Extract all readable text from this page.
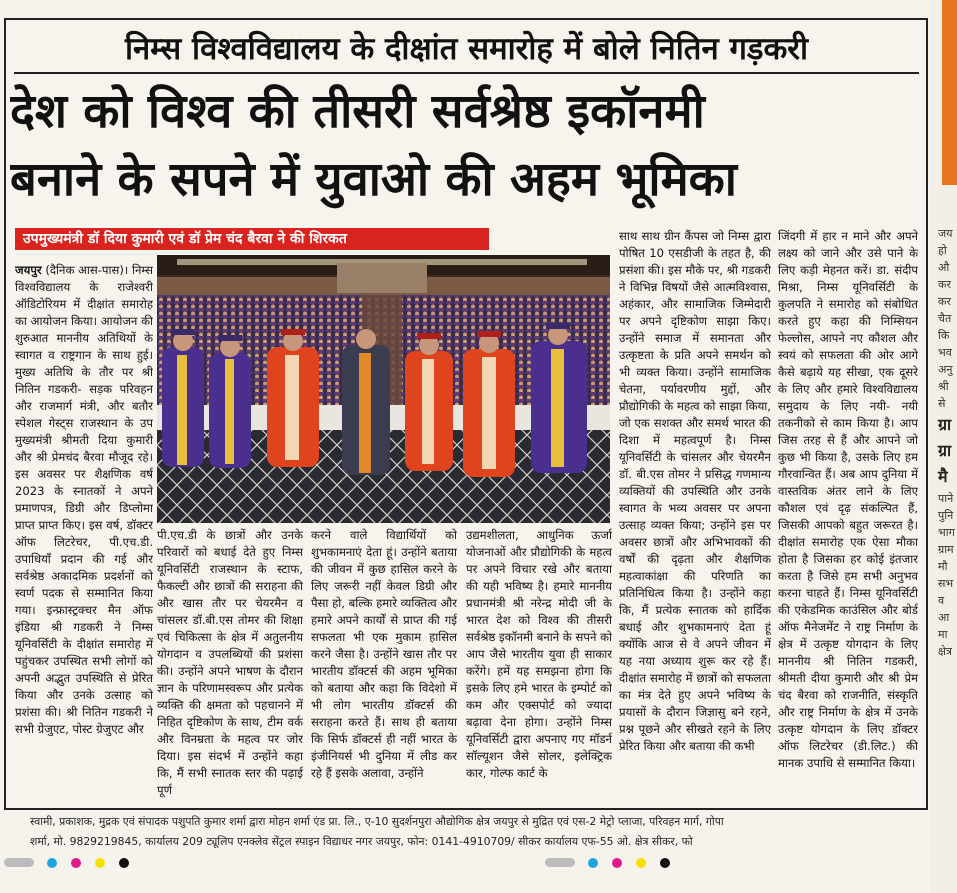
निम्स विश्वविद्यालय के दीक्षांत समारोह में बोले नितिन गड़करी
देश को विश्व की तीसरी सर्वश्रेष्ठ इकॉनमी
बनाने के सपने में युवाओ की अहम भूमिका
उपमुख्यमंत्री डॉ दिया कुमारी एवं डॉ प्रेम चंद बैरवा ने की शिरकत
जयपुर (दैनिक आस-पास)। निम्स विश्वविद्यालय के राजेश्वरी ऑडिटोरियम में दीक्षांत समारोह का आयोजन किया। आयोजन की शुरुआत माननीय अतिथियों के स्वागत व राष्ट्रगान के साथ हुई। मुख्य अतिथि के तौर पर श्री नितिन गडकरी- सड़क परिवहन और राजमार्ग मंत्री, और बतौर स्पेशल गेस्ट्स राजस्थान के उप मुख्यमंत्री श्रीमती दिया कुमारी और श्री प्रेमचंद बैरवा मौजूद रहे। इस अवसर पर शैक्षणिक वर्ष 2023 के स्नातकों ने अपने प्रमाणपत्र, डिग्री और डिप्लोमा प्राप्त प्राप्त किए। इस वर्ष, डॉक्टर ऑफ लिटरेचर, पी.एच.डी. उपाधियाँ प्रदान की गई और सर्वश्रेष्ठ अकादमिक प्रदर्शनों को स्वर्ण पदक से सम्मानित किया गया। इन्फ्रास्ट्रक्चर मैन ऑफ इंडिया श्री गडकरी ने निम्स यूनिवर्सिटी के दीक्षांत समारोह में पहुंचकर उपस्थित सभी लोगों को अपनी अद्भुत उपस्थिति से प्रेरित किया और उनके उत्साह को प्रशंसा की। श्री नितिन गडकरी ने सभी ग्रेजुएट, पोस्ट ग्रेजुएट और
पी.एच.डी के छात्रों और उनके परिवारों को बधाई देते हुए निम्स यूनिवर्सिटी राजस्थान के स्टाफ, फैकल्टी और छात्रों की सराहना की और खास तौर पर चेयरमैन व चांसलर डॉ.बी.एस तोमर की शिक्षा एवं चिकित्सा के क्षेत्र में अतुलनीय योगदान व उपलब्धियों की प्रशंसा की। उन्होंने अपने भाषण के दौरान ज्ञान के परिणामस्वरूप और प्रत्येक व्यक्ति की क्षमता को पहचानने में निहित दृष्टिकोण के साथ, टीम वर्क और विनम्रता के महत्व पर जोर दिया। इस संदर्भ में उन्होंने कहा कि, मैं सभी स्नातक स्तर की पढ़ाई पूर्ण
करने वाले विद्यार्थियों को शुभकामनाएं देता हूं। उन्होंने बताया की जीवन में कुछ हासिल करने के लिए जरूरी नहीं केवल डिग्री और पैसा हो, बल्कि हमारे व्यक्तित्व और हमारे अपने कार्यों से प्राप्त की गई सफलता भी एक मुकाम हासिल करने जैसा है। उन्होंने खास तौर पर भारतीय डॉक्टर्स की अहम भूमिका को बताया और कहा कि विदेशो में भी लोग भारतीय डॉक्टर्स की सराहना करते हैं। साथ ही बताया कि सिर्फ डॉक्टर्स ही नहीं भारत के इंजीनियर्स भी दुनिया में लीड कर रहे हैं इसके अलावा, उन्होंने
उद्यमशीलता, आधुनिक ऊर्जा योजनाओं और प्रौद्योगिकी के महत्व पर अपने विचार रखे और बताया की यही भविष्य है। हमारे माननीय प्रधानमंत्री श्री नरेन्द्र मोदी जी के भारत देश को विश्व की तीसरी सर्वश्रेष्ठ इकॉनमी बनाने के सपने को आप जैसे भारतीय युवा ही साकार करेंगे। हमें यह समझना होगा कि इसके लिए हमे भारत के इम्पोर्ट को कम और एक्सपोर्ट को ज्यादा बढ़ावा देना होगा। उन्होंने निम्स यूनिवर्सिटी द्वारा अपनाए गए मॉडर्न सॉल्यूशन जैसे सोलर, इलेक्ट्रिक कार, गोल्फ कार्ट के
साथ साथ ग्रीन कैंपस जो निम्स द्वारा पोषित 10 एसडीजी के तहत है, की प्रसंशा की। इस मौके पर, श्री गडकरी ने विभिन्न विषयों जैसे आत्मविश्वास, अहंकार, और सामाजिक जिम्मेदारी पर अपने दृष्टिकोण साझा किए। उन्होंने समाज में समानता और उत्कृष्टता के प्रति अपने समर्थन को भी व्यक्त किया। उन्होंने सामाजिक चेतना, पर्यावरणीय मुद्दों, और प्रौद्योगिकी के महत्व को साझा किया, जो एक सशक्त और समर्थ भारत की दिशा में महत्वपूर्ण है। निम्स यूनिवर्सिटी के चांसलर और चेयरमैन डॉ. बी.एस तोमर ने प्रसिद्ध गणमान्य व्यक्तियों की उपस्थिति और उनके स्वागत के भव्य अवसर पर अपना उत्साह व्यक्त किया; उन्होंने इस पर अवसर छात्रों और अभिभावकों की वर्षों की दृढ़ता और शैक्षणिक महत्वाकांक्षा की परिणति का प्रतिनिधित्व किया है। उन्होंने कहा कि, मैं प्रत्येक स्नातक को हार्दिक बधाई और शुभकामनाएं देता हूं क्योंकि आज से वे अपने जीवन में यह नया अध्याय शुरू कर रहे हैं। दीक्षांत समारोह में छात्रों को सफलता का मंत्र देते हुए अपने भविष्य के प्रयासों के दौरान जिज्ञासु बने रहने, प्रश्न पूछने और सीखते रहने के लिए प्रेरित किया और बताया की कभी
जिंदगी में हार न माने और अपने लक्ष्य को जाने और उसे पाने के लिए कड़ी मेहनत करें। डा. संदीप मिश्रा, निम्स यूनिवर्सिटी के कुलपति ने समारोह को संबोधित करते हुए कहा की निम्सियन फेल्लोस, आपने नए कौशल और स्वयं को सफलता की ओर आगे कैसे बढ़ाये यह सीखा, एक दूसरे के लिए और हमारे विश्वविद्यालय समुदाय के लिए नयी- नयी तकनीको से काम किया है। आप जिस तरह से हैं और आपने जो कुछ भी किया है, उसके लिए हम गौरवान्वित हैं। अब आप दुनिया में वास्तविक अंतर लाने के लिए कौशल एवं दृढ़ संकल्पित हैं, जिसकी आपको बहुत जरूरत है। दीक्षांत समारोह एक ऐसा मौका होता है जिसका हर कोई इंतजार करता है जिसे हम सभी अनुभव करना चाहते हैं। निम्स यूनिवर्सिटी की एकेडमिक काउंसिल और बोर्ड ऑफ मैनेजमेंट ने राष्ट्र निर्माण के क्षेत्र में उत्कृष्ट योगदान के लिए माननीय श्री नितिन गडकरी, श्रीमती दीया कुमारी और श्री प्रेम चंद बैरवा को राजनीति, संस्कृति और राष्ट्र निर्माण के क्षेत्र में उनके उत्कृष्ट योगदान के लिए डॉक्टर ऑफ लिटरेचर (डी.लिट.) की मानक उपाधि से सम्मानित किया।
स्वामी, प्रकाशक, मुद्रक एवं संपादक पशुपति कुमार शर्मा द्वारा मोहन शर्मा एंड प्रा. लि., ए-10 सुदर्शनपुरा औद्योगिक क्षेत्र जयपुर से मुद्रित एवं एस-2 मेट्रो प्लाजा, परिवहन मार्ग, गोपा
शर्मा, मो. 9829219845, कार्यालय 209 ट्यूलिप एनक्लेव सेंट्रल स्पाइन विद्याधर नगर जयपुर, फोन: 0141-4910709/ सीकर कार्यालय एफ-55 ओ. क्षेत्र सीकर, फो

जय हो औ कर कर चैत कि भव अनु श्री से
ग्रा ग्रा मै
पाने पुनि भाग ग्राम मौ सभ व आ मा क्षेत्र
